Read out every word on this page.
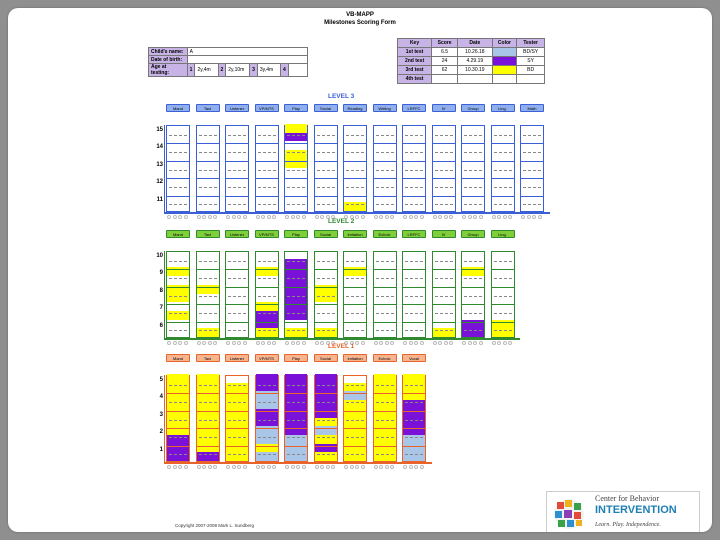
VB-MAPP
Milestones Scoring Form
Child's name:	A							
Date of birth:								
Age at testing:	1	2y,4m	2	2y,10m	3	3y,4m	4	
Key	Score	Date	Color	Tester
1st test	6.5	10.26.18		BD/SY
2nd test	24	4.29.19		SY
3rd test	62	10.30.19		BD
4th test				
LEVEL 3
15
14
13
12
11
Mand	Tact	Listener	VP/MTS	Play	Social	Reading	Writing	LRFFC	IV	Group	Ling.	Math
LEVEL 2
10
9
8
7
6
Mand	Tact	Listener	VP/MTS	Play	Social	Imitation	Echoic	LRFFC	IV	Group	Ling.
LEVEL 1
5
4
3
2
1
Mand	Tact	Listener	VP/MTS	Play	Social	Imitation	Echoic	Vocal
Copyright 2007-2008 Mark L. Sundberg
Center for Behavior
INTERVENTION
Learn. Play. Independence.
